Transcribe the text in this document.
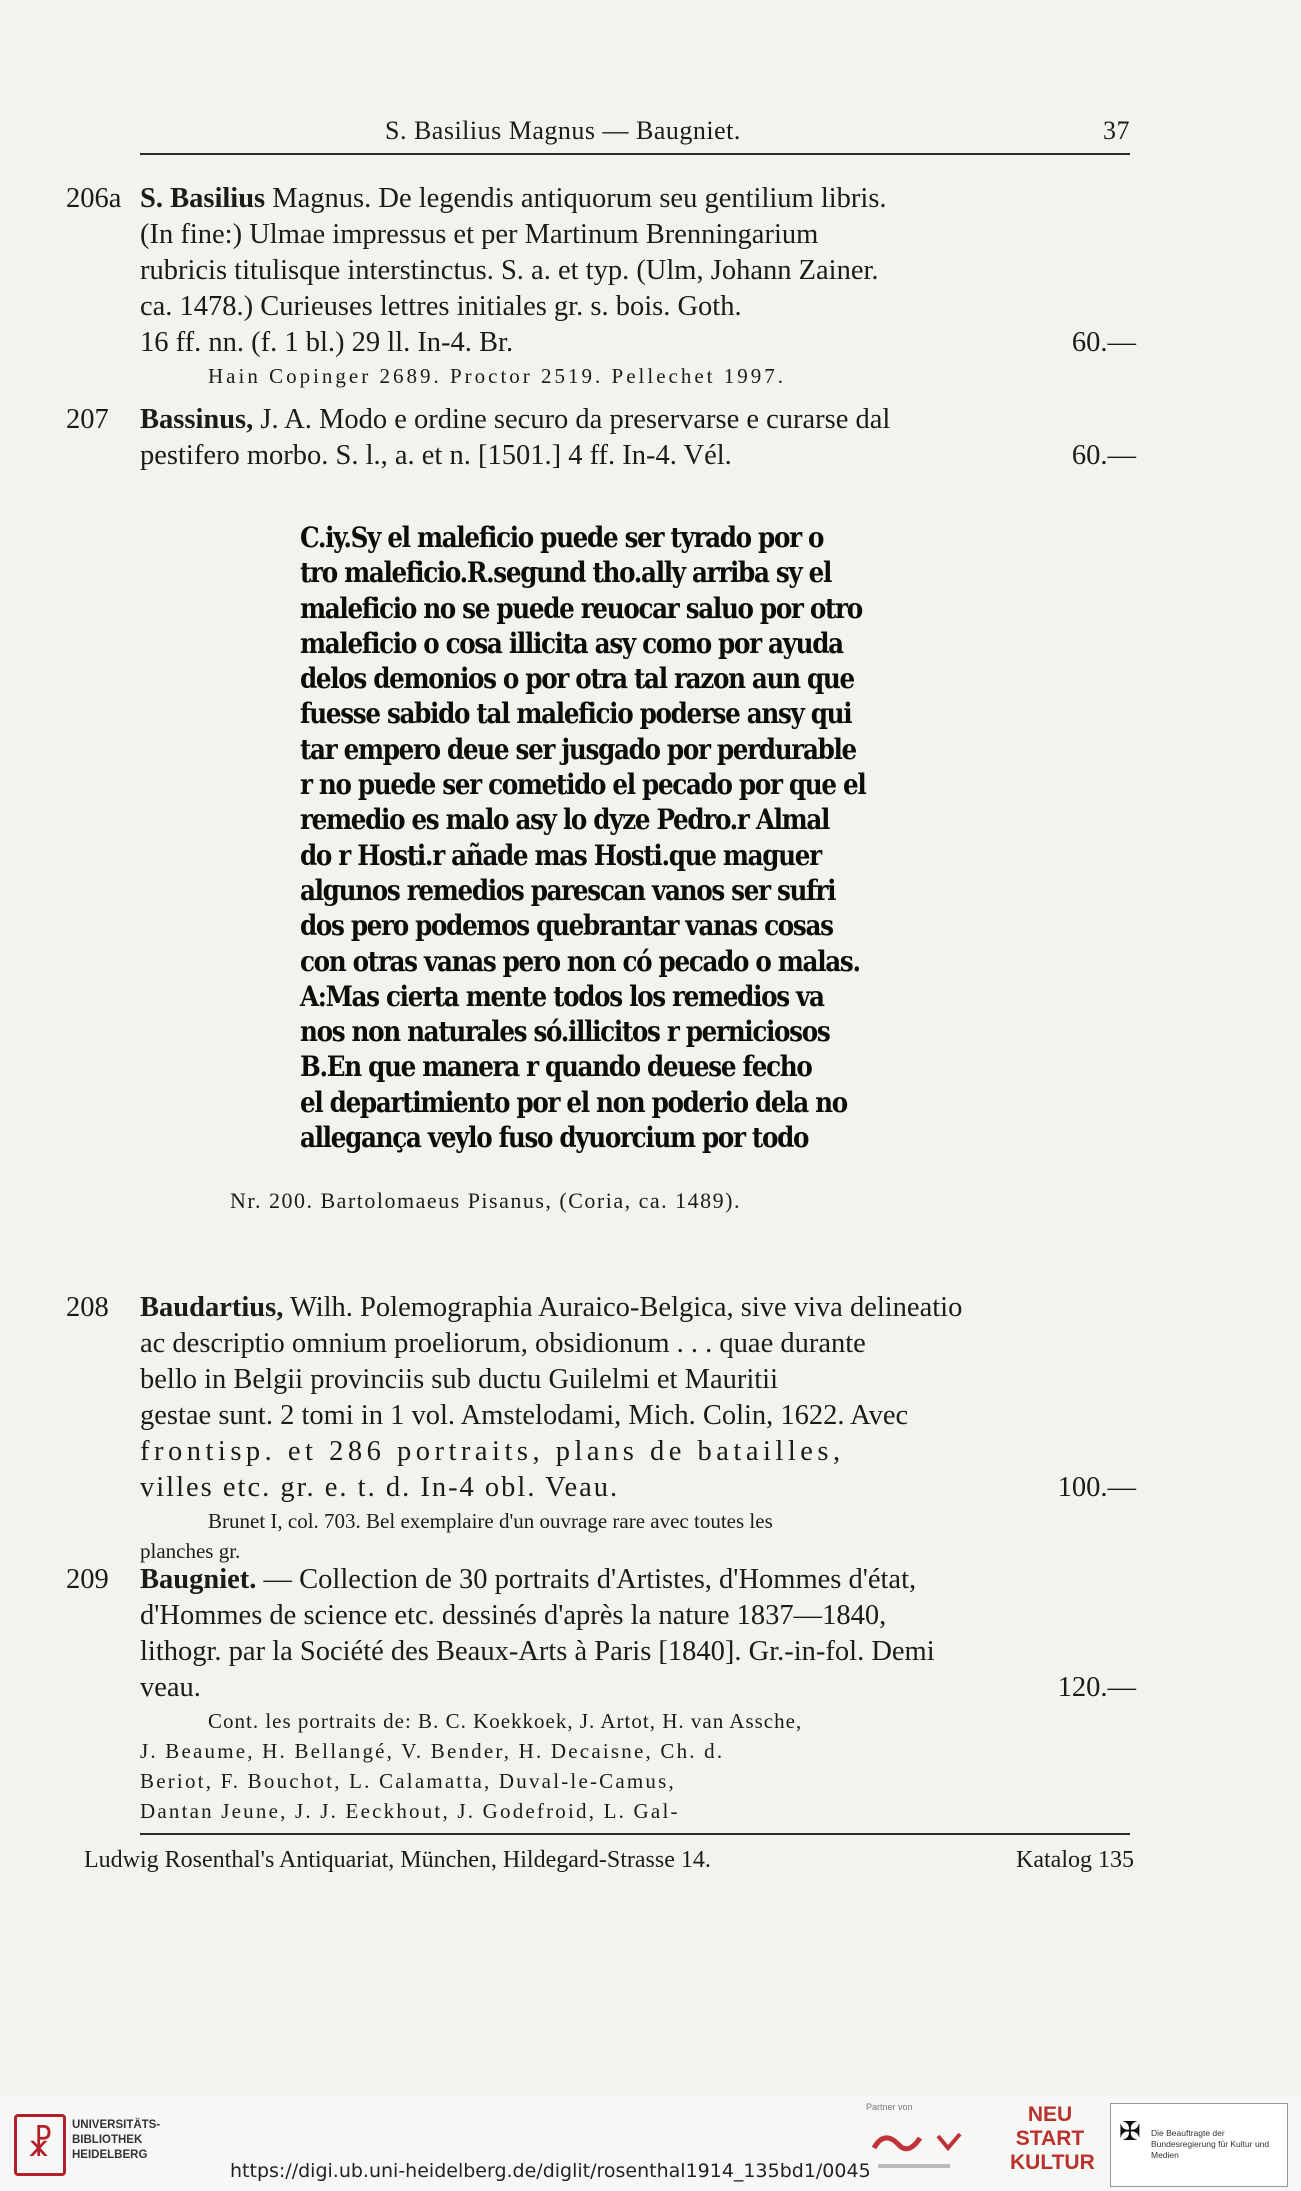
S. Basilius Magnus — Baugniet.	37
206a S. Basilius Magnus. De legendis antiquorum seu gentilium libris.
(In fine:) Ulmae impressus et per Martinum Brenningarium
rubricis titulisque interstinctus. S. a. et typ. (Ulm, Johann Zainer.
ca. 1478.) Curieuses lettres initiales gr. s. bois. Goth.
16 ff. nn. (f. 1 bl.) 29 ll. In-4. Br.	60.—
Hain Copinger 2689. Proctor 2519. Pellechet 1997.
207 Bassinus, J. A. Modo e ordine securo da preservarse e curarse dal
pestifero morbo. S. l., a. et n. [1501.] 4 ff. In-4. Vél.	60.—
C.iy.Sy el maleficio puede ser tyrado por o
tro maleficio.R.segund tho.ally arriba sy el
maleficio no se puede reuocar saluo por otro
maleficio o cosa illicita asy como por ayuda
delos demonios o por otra tal razon aun que
fuesse sabido tal maleficio poderse ansy qui
tar empero deue ser jusgado por perdurable
r no puede ser cometido el pecado por que el
remedio es malo asy lo dyze Pedro.r Almal
do r Hosti.r añade mas Hosti.que maguer
algunos remedios parescan vanos ser sufri
dos pero podemos quebrantar vanas cosas
con otras vanas pero non có pecado o malas.
A:Mas cierta mente todos los remedios va
nos non naturales só.illicitos r perniciosos
B.En que manera r quando deuese fecho
el departimiento por el non poderio dela no
allegança veylo fuso dyuorcium por todo
Nr. 200. Bartolomaeus Pisanus, (Coria, ca. 1489).
208 Baudartius, Wilh. Polemographia Auraico-Belgica, sive viva delineatio
ac descriptio omnium proeliorum, obsidionum . . . quae durante
bello in Belgii provinciis sub ductu Guilelmi et Mauritii
gestae sunt. 2 tomi in 1 vol. Amstelodami, Mich. Colin, 1622. Avec
frontisp. et 286 portraits, plans de batailles,
villes etc. gr. e. t. d. In-4 obl. Veau.	100.—
Brunet I, col. 703. Bel exemplaire d'un ouvrage rare avec toutes les
planches gr.
209 Baugniet. — Collection de 30 portraits d'Artistes, d'Hommes d'état,
d'Hommes de science etc. dessinés d'après la nature 1837—1840,
lithogr. par la Société des Beaux-Arts à Paris [1840]. Gr.-in-fol. Demi
veau.	120.—
Cont. les portraits de: B. C. Koekkoek, J. Artot, H. van Assche,
J. Beaume, H. Bellangé, V. Bender, H. Decaisne, Ch. d.
Beriot, F. Bouchot, L. Calamatta, Duval-le-Camus,
Dantan Jeune, J. J. Eeckhout, J. Godefroid, L. Gal-
Ludwig Rosenthal's Antiquariat, München, Hildegard-Strasse 14.	Katalog 135
☧	UNIVERSITÄTS- BIBLIOTHEK HEIDELBERG
https://digi.ub.uni-heidelberg.de/diglit/rosenthal1914_135bd1/0045
Partner von	NEU START KULTUR
✠ Die Beauftragte der Bundesregierung für Kultur und Medien
